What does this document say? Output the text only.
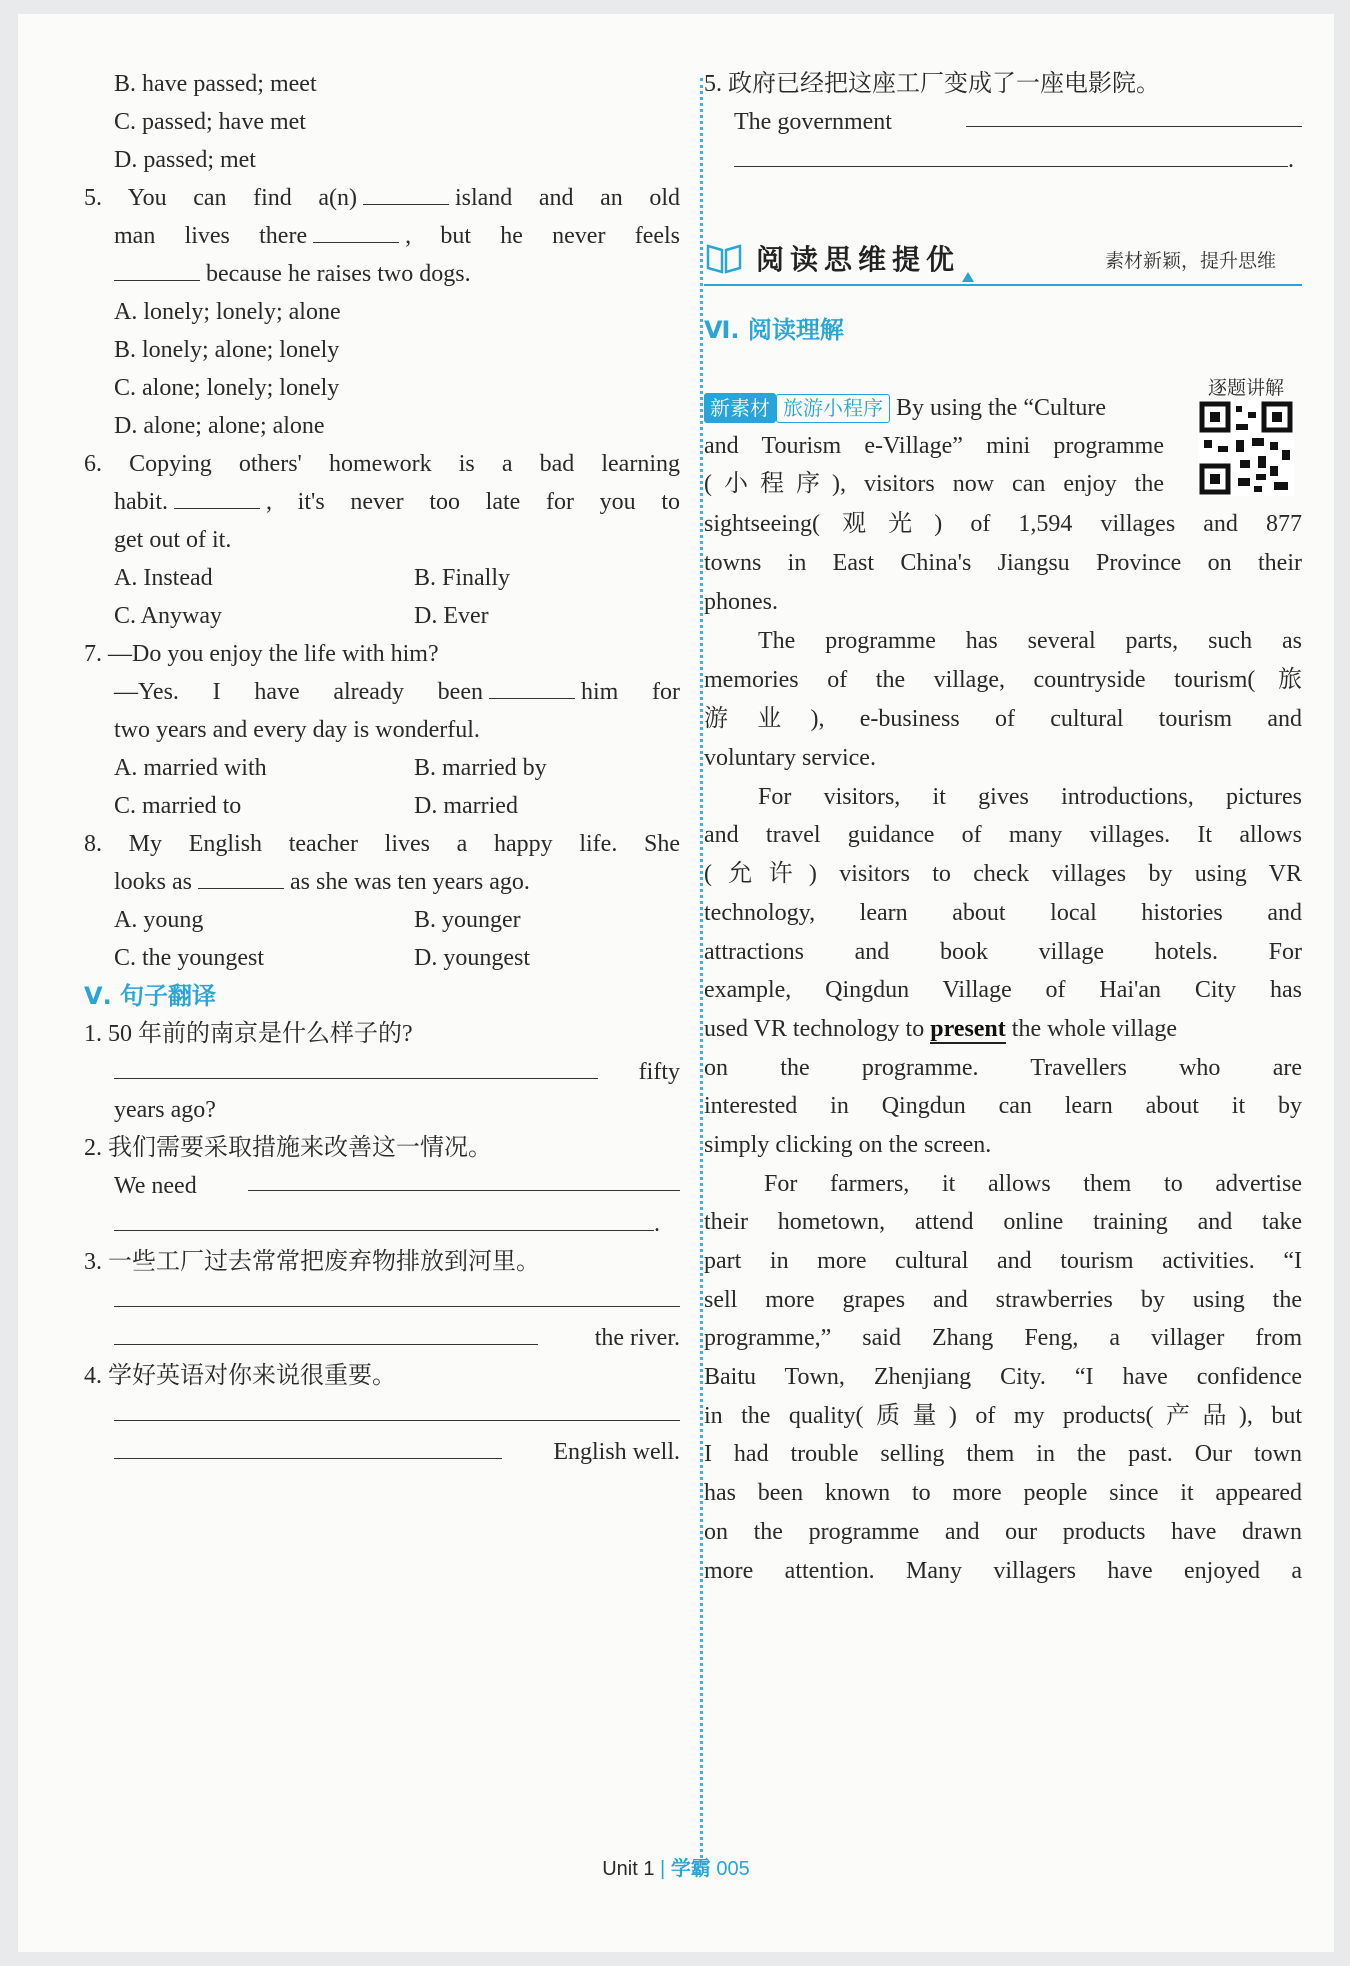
B. have passed; meet
C. passed; have met
D. passed; met
5. You can find a(n)	island and an old
man lives there	, but he never feels
because he raises two dogs.
A. lonely; lonely; alone
B. lonely; alone; lonely
C. alone; lonely; lonely
D. alone; alone; alone
6. Copying others' homework is a bad learning
habit.	, it's never too late for you to
get out of it.
A. Instead	B. Finally
C. Anyway	D. Ever
7. —Do you enjoy the life with him?
—Yes. I have already been	him for
two years and every day is wonderful.
A. married with	B. married by
C. married to	D. married
8. My English teacher lives a happy life. She
looks as	as she was ten years ago.
A. young	B. younger
C. the youngest	D. youngest
Ⅴ. 句子翻译
1. 50 年前的南京是什么样子的?
fifty
years ago?
2. 我们需要采取措施来改善这一情况。
We need
.
3. 一些工厂过去常常把废弃物排放到河里。
the river.
4. 学好英语对你来说很重要。
English well.
5. 政府已经把这座工厂变成了一座电影院。
The government
.
阅读思维提优	素材新颖，提升思维
Ⅵ. 阅读理解
逐题讲解
新素材 旅游小程序 By using the “Culture
and Tourism e-Village” mini programme
(小程序), visitors now can enjoy the
sightseeing(观光) of 1,594 villages and 877
towns in East China's Jiangsu Province on their
phones.
The programme has several parts, such as
memories of the village, countryside tourism(旅
游业), e-business of cultural tourism and
voluntary service.
For visitors, it gives introductions, pictures
and travel guidance of many villages. It allows
(允许) visitors to check villages by using VR
technology, learn about local histories and
attractions and book village hotels. For
example, Qingdun Village of Hai'an City has
used VR technology to present the whole village
on the programme. Travellers who are
interested in Qingdun can learn about it by
simply clicking on the screen.
For farmers, it allows them to advertise
their hometown, attend online training and take
part in more cultural and tourism activities. “I
sell more grapes and strawberries by using the
programme,” said Zhang Feng, a villager from
Baitu Town, Zhenjiang City. “I have confidence
in the quality(质量) of my products(产品), but
I had trouble selling them in the past. Our town
has been known to more people since it appeared
on the programme and our products have drawn
more attention. Many villagers have enjoyed a
Unit 1 | 学霸 005
